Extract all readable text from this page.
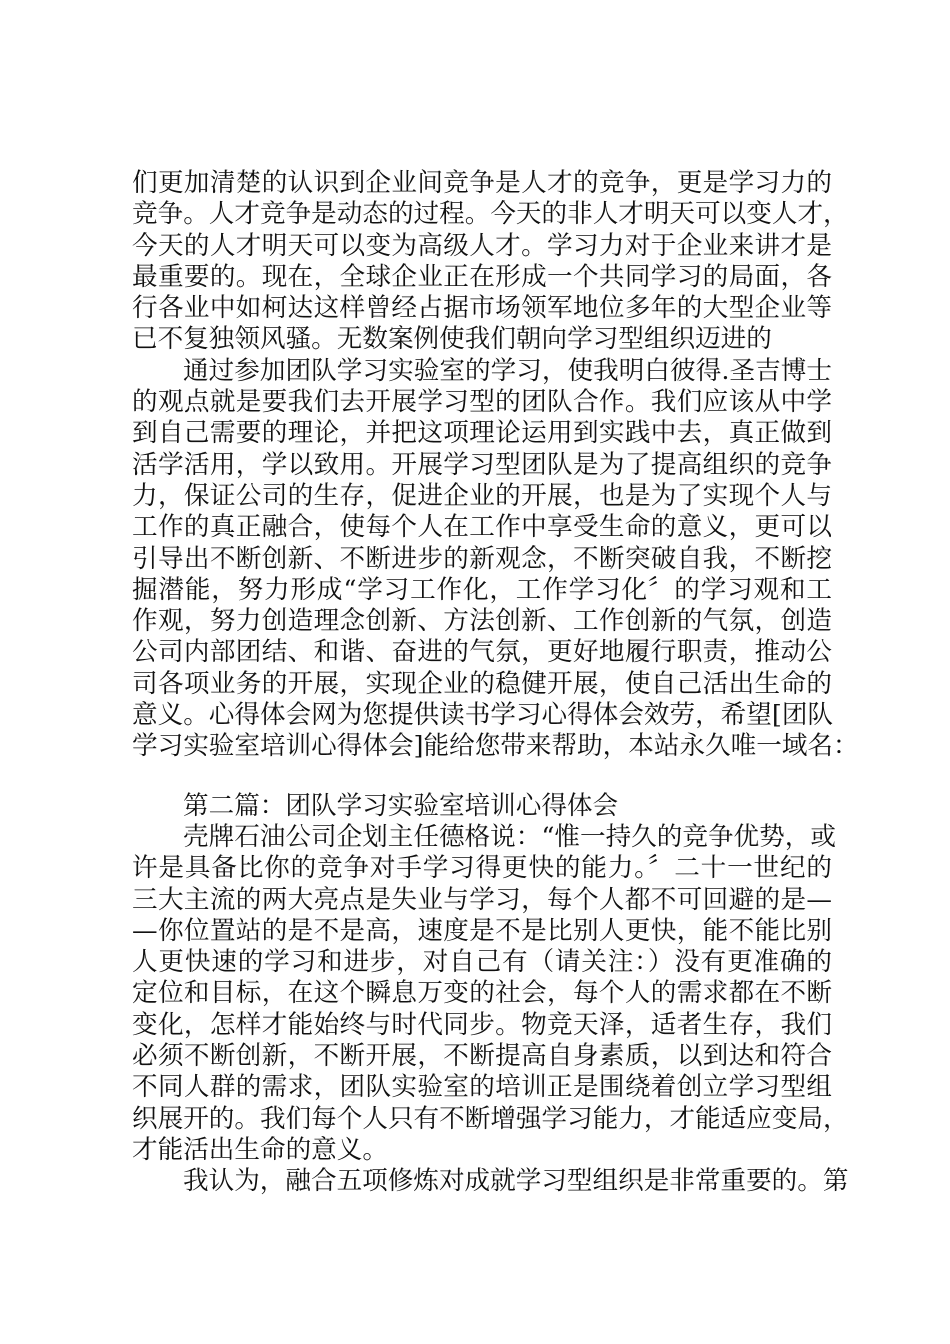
们更加清楚的认识到企业间竞争是人才的竞争，更是学习力的
竞争。人才竞争是动态的过程。今天的非人才明天可以变人才，
今天的人才明天可以变为高级人才。学习力对于企业来讲才是
最重要的。现在，全球企业正在形成一个共同学习的局面，各
行各业中如柯达这样曾经占据市场领军地位多年的大型企业等
已不复独领风骚。无数案例使我们朝向学习型组织迈进的
通过参加团队学习实验室的学习，使我明白彼得.圣吉博士
的观点就是要我们去开展学习型的团队合作。我们应该从中学
到自己需要的理论，并把这项理论运用到实践中去，真正做到
活学活用，学以致用。开展学习型团队是为了提高组织的竞争
力，保证公司的生存，促进企业的开展，也是为了实现个人与
工作的真正融合，使每个人在工作中享受生命的意义，更可以
引导出不断创新、不断进步的新观念，不断突破自我，不断挖
掘潜能，努力形成“学习工作化，工作学习化〞的学习观和工
作观，努力创造理念创新、方法创新、工作创新的气氛，创造
公司内部团结、和谐、奋进的气氛，更好地履行职责，推动公
司各项业务的开展，实现企业的稳健开展，使自己活出生命的
意义。心得体会网为您提供读书学习心得体会效劳，希望[团队
学习实验室培训心得体会]能给您带来帮助，本站永久唯一域名：
第二篇：团队学习实验室培训心得体会
壳牌石油公司企划主任德格说：“惟一持久的竞争优势，或
许是具备比你的竞争对手学习得更快的能力。〞二十一世纪的
三大主流的两大亮点是失业与学习，每个人都不可回避的是—
—你位置站的是不是高，速度是不是比别人更快，能不能比别
人更快速的学习和进步，对自己有（请关注：）没有更准确的
定位和目标，在这个瞬息万变的社会，每个人的需求都在不断
变化，怎样才能始终与时代同步。物竞天泽，适者生存，我们
必须不断创新，不断开展，不断提高自身素质，以到达和符合
不同人群的需求，团队实验室的培训正是围绕着创立学习型组
织展开的。我们每个人只有不断增强学习能力，才能适应变局，
才能活出生命的意义。
我认为，融合五项修炼对成就学习型组织是非常重要的。第
